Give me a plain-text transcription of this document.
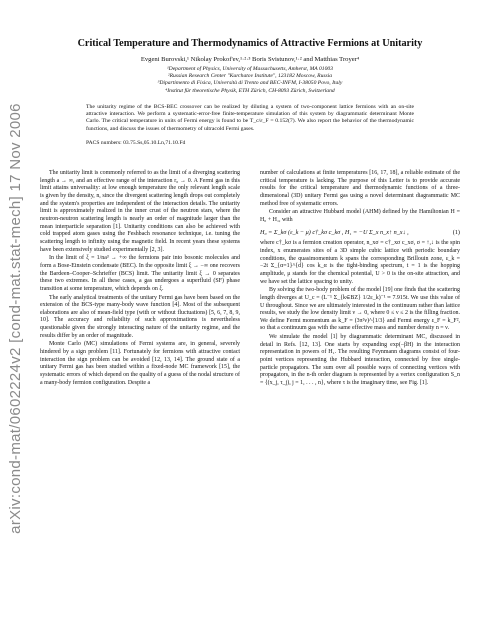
arXiv:cond-mat/0602224v2 [cond-mat.stat-mech] 17 Nov 2006
Critical Temperature and Thermodynamics of Attractive Fermions at Unitarity
Evgeni Burovski,¹ Nikolay Prokof'ev,¹·²·³ Boris Svistunov,¹·² and Matthias Troyer⁴
¹Department of Physics, University of Massachusetts, Amherst, MA 01003
²Russian Research Center "Kurchatov Institute", 123182 Moscow, Russia
³Dipartimento di Fisica, Università di Trento and BEC-INFM, I-38050 Povo, Italy
⁴Institut für theoretische Physik, ETH Zürich, CH-8093 Zürich, Switzerland
The unitarity regime of the BCS-BEC crossover can be realized by diluting a system of two-component lattice fermions with an on-site attractive interaction. We perform a systematic-error-free finite-temperature simulation of this system by diagrammatic determinant Monte Carlo. The critical temperature in units of Fermi energy is found to be T_c/ε_F = 0.152(7). We also report the behavior of the thermodynamic functions, and discuss the issues of thermometry of ultracold Fermi gases.
PACS numbers: 03.75.Ss,05.10.Ln,71.10.Fd

The unitarity limit is commonly referred to as the limit of a diverging scattering length a → ∞, and an effective range of the interaction r₀ → 0. A Fermi gas in this limit attains universality: at low enough temperature the only relevant length scale is given by the density, n, since the divergent scattering length drops out completely and the system's properties are independent of the interaction details. The unitarity limit is approximately realized in the inner crust of the neutron stars, where the neutron-neutron scattering length is nearly an order of magnitude larger than the mean interparticle separation [1]. Unitarity conditions can also be achieved with cold trapped atom gases using the Feshbach resonance technique, i.e. tuning the scattering length to infinity using the magnetic field. In recent years these systems have been extensively studied experimentally [2, 3].

In the limit of ξ = 1/na³ → +∞ the fermions pair into bosonic molecules and form a Bose-Einstein condensate (BEC). In the opposite limit ξ → −∞ one recovers the Bardeen–Cooper–Schrieffer (BCS) limit. The unitarity limit ξ → 0 separates these two extremes. In all these cases, a gas undergoes a superfluid (SF) phase transition at some temperature, which depends on ξ.

The early analytical treatments of the unitary Fermi gas have been based on the extension of the BCS-type many-body wave function [4]. Most of the subsequent elaborations are also of mean-field type (with or without fluctuations) [5, 6, 7, 8, 9, 10]. The accuracy and reliability of such approximations is nevertheless questionable given the strongly interacting nature of the unitarity regime, and the results differ by an order of magnitude.

Monte Carlo (MC) simulations of Fermi systems are, in general, severely hindered by a sign problem [11]. Fortunately for fermions with attractive contact interaction the sign problem can be avoided [12, 13, 14]. The ground state of a unitary Fermi gas has been studied within a fixed-node MC framework [15], the systematic errors of which depend on the quality of a guess of the nodal structure of a many-body fermion configuration. Despite a

number of calculations at finite temperatures [16, 17, 18], a reliable estimate of the critical temperature is lacking. The purpose of this Letter is to provide accurate results for the critical temperature and thermodynamic functions of a three-dimensional (3D) unitary Fermi gas using a novel determinant diagrammatic MC method free of systematic errors.

Consider an attractive Hubbard model (AHM) defined by the Hamiltonian H = H₀ + H₁, with

H₀ = Σ_kσ (ε_k − μ) c†_kσ c_kσ , H₁ = −U Σ_x n_x↑ n_x↓ ,	(1)

where c†_kσ is a fermion creation operator, n_xσ = c†_xσ c_xσ, σ = ↑,↓ is the spin index, x enumerates sites of a 3D simple cubic lattice with periodic boundary conditions, the quasimomentum k spans the corresponding Brillouin zone, ε_k = −2t Σ_{α=1}^{d} cos k_α is the tight-binding spectrum, t = 1 is the hopping amplitude, μ stands for the chemical potential, U > 0 is the on-site attraction, and we have set the lattice spacing to unity.

By solving the two-body problem of the model [19] one finds that the scattering length diverges at U_c = (L⁻¹ Σ_{k∈BZ} 1/2ε_k)⁻¹ ≈ 7.915t. We use this value of U throughout. Since we are ultimately interested in the continuum rather than lattice results, we study the low density limit ν → 0, where 0 ≤ ν ≤ 2 is the filling fraction. We define Fermi momentum as k_F = (3π²ν)^{1/3} and Fermi energy ε_F = k_F², so that a continuum gas with the same effective mass and number density n = ν.

We simulate the model [1] by diagrammatic determinant MC, discussed in detail in Refs. [12, 13]. One starts by expanding exp(−βH) in the interaction representation in powers of H₁. The resulting Feynmann diagrams consist of four-point vertices representing the Hubbard interaction, connected by free single-particle propagators. The sum over all possible ways of connecting vertices with propagators, in the n-th order diagram is represented by a vertex configuration S_n = {(x_j, τ_j), j = 1, . . . , n}, where τ is the imaginary time, see Fig. [1].
